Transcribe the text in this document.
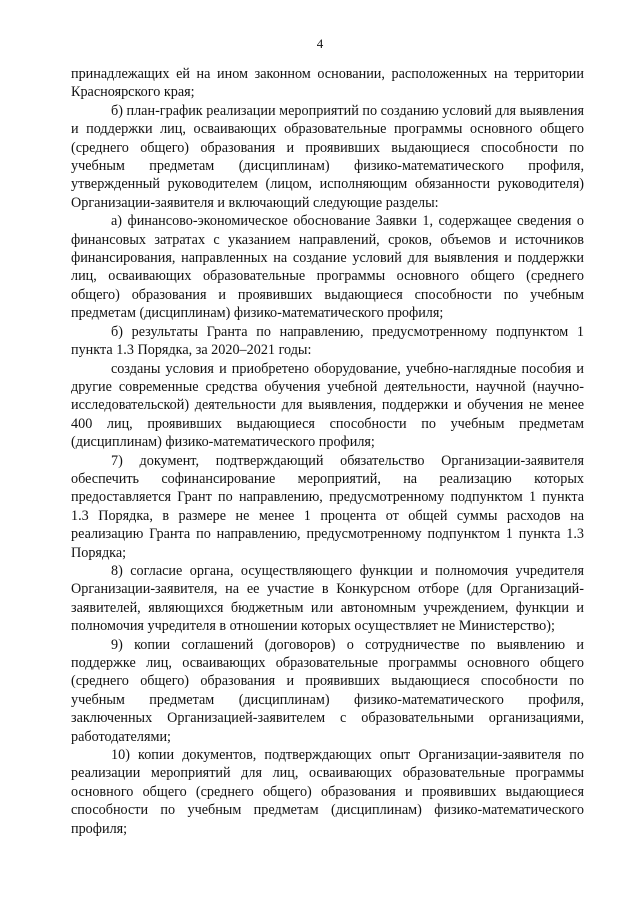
4

принадлежащих ей на ином законном основании, расположенных на территории Красноярского края;

б) план-график реализации мероприятий по созданию условий для выявления и поддержки лиц, осваивающих образовательные программы основного общего (среднего общего) образования и проявивших выдающиеся способности по учебным предметам (дисциплинам) физико-математического профиля, утвержденный руководителем (лицом, исполняющим обязанности руководителя) Организации-заявителя и включающий следующие разделы:

а) финансово-экономическое обоснование Заявки 1, содержащее сведения о финансовых затратах с указанием направлений, сроков, объемов и источников финансирования, направленных на создание условий для выявления и поддержки лиц, осваивающих образовательные программы основного общего (среднего общего) образования и проявивших выдающиеся способности по учебным предметам (дисциплинам) физико-математического профиля;

б) результаты Гранта по направлению, предусмотренному подпунктом 1 пункта 1.3 Порядка, за 2020–2021 годы:

созданы условия и приобретено оборудование, учебно-наглядные пособия и другие современные средства обучения учебной деятельности, научной (научно-исследовательской) деятельности для выявления, поддержки и обучения не менее 400 лиц, проявивших выдающиеся способности по учебным предметам (дисциплинам) физико-математического профиля;

7) документ, подтверждающий обязательство Организации-заявителя обеспечить софинансирование мероприятий, на реализацию которых предоставляется Грант по направлению, предусмотренному подпунктом 1 пункта 1.3 Порядка, в размере не менее 1 процента от общей суммы расходов на реализацию Гранта по направлению, предусмотренному подпунктом 1 пункта 1.3 Порядка;

8) согласие органа, осуществляющего функции и полномочия учредителя Организации-заявителя, на ее участие в Конкурсном отборе (для Организаций-заявителей, являющихся бюджетным или автономным учреждением, функции и полномочия учредителя в отношении которых осуществляет не Министерство);

9) копии соглашений (договоров) о сотрудничестве по выявлению и поддержке лиц, осваивающих образовательные программы основного общего (среднего общего) образования и проявивших выдающиеся способности по учебным предметам (дисциплинам) физико-математического профиля, заключенных Организацией-заявителем с образовательными организациями, работодателями;

10) копии документов, подтверждающих опыт Организации-заявителя по реализации мероприятий для лиц, осваивающих образовательные программы основного общего (среднего общего) образования и проявивших выдающиеся способности по учебным предметам (дисциплинам) физико-математического профиля;
